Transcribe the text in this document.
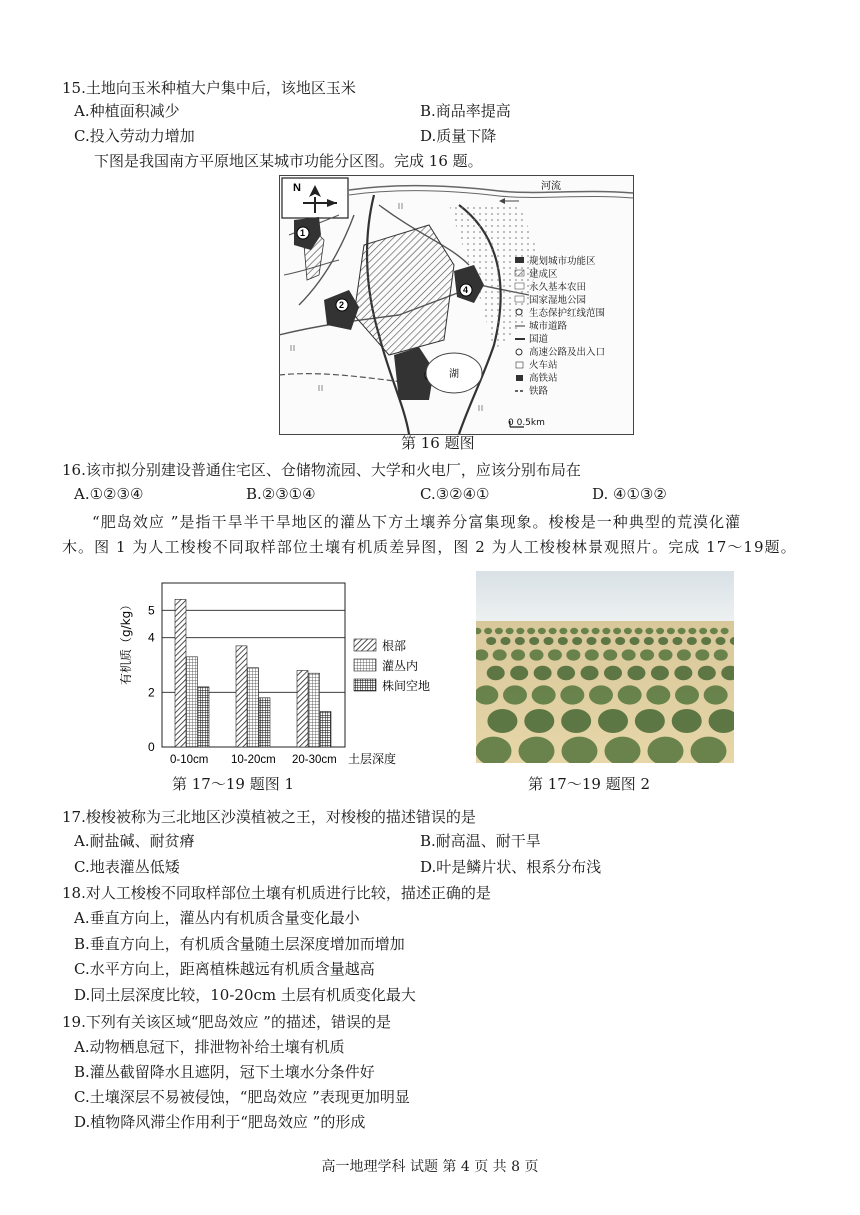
15.土地向玉米种植大户集中后，该地区玉米
A.种植面积减少	B.商品率提高
C.投入劳动力增加	D.质量下降
下图是我国南方平原地区某城市功能分区图。完成 16 题。
N	河流
1
2
4
湖
规划城市功能区
建成区
永久基本农田
国家湿地公园
生态保护红线范围
城市道路
国道
高速公路及出入口
火车站
高铁站
铁路
0 0.5km
第 16 题图
16.该市拟分别建设普通住宅区、仓储物流园、大学和火电厂，应该分别布局在
A.①②③④	B.②③①④	C.③②④①	D. ④①③②
“肥岛效应 ”是指干旱半干旱地区的灌丛下方土壤养分富集现象。梭梭是一种典型的荒漠化灌
木。图 1 为人工梭梭不同取样部位土壤有机质差异图，图 2 为人工梭梭林景观照片。完成 17～19题。
0
2
4
5
有机质（g/kg）
0-10cm 10-20cm 20-30cm 土层深度
根部
灌丛内
株间空地
第 17～19 题图 1	第 17～19 题图 2
17.梭梭被称为三北地区沙漠植被之王，对梭梭的描述错误的是
A.耐盐碱、耐贫瘠	B.耐高温、耐干旱
C.地表灌丛低矮	D.叶是鳞片状、根系分布浅
18.对人工梭梭不同取样部位土壤有机质进行比较，描述正确的是
A.垂直方向上，灌丛内有机质含量变化最小
B.垂直方向上，有机质含量随土层深度增加而增加
C.水平方向上，距离植株越远有机质含量越高
D.同土层深度比较，10-20cm 土层有机质变化最大
19.下列有关该区域“肥岛效应 ”的描述，错误的是
A.动物栖息冠下，排泄物补给土壤有机质
B.灌丛截留降水且遮阴，冠下土壤水分条件好
C.土壤深层不易被侵蚀，“肥岛效应 ”表现更加明显
D.植物降风滞尘作用利于“肥岛效应 ”的形成
高一地理学科 试题 第 4 页 共 8 页
